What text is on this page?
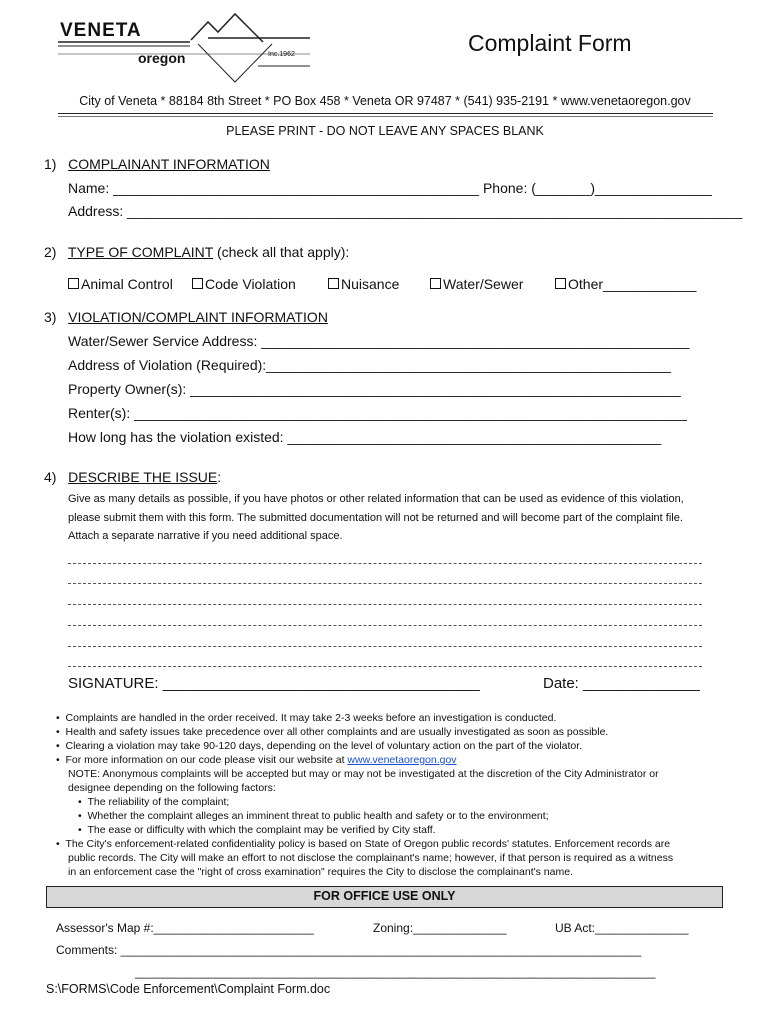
VENETA
oregon	Inc.1962	Complaint Form
City of Veneta * 88184 8th Street * PO Box 458 * Veneta OR 97487 * (541) 935-2191 * www.venetaoregon.gov
PLEASE PRINT - DO NOT LEAVE ANY SPACES BLANK
1) COMPLAINANT INFORMATION
Name: _______________________________________________ Phone: (_______)_______________
Address: _______________________________________________________________________________
2) TYPE OF COMPLAINT (check all that apply):
Animal Control	Code Violation	Nuisance	Water/Sewer	Other____________
3) VIOLATION/COMPLAINT INFORMATION
Water/Sewer Service Address: _______________________________________________________
Address of Violation (Required):____________________________________________________
Property Owner(s): _______________________________________________________________
Renter(s): _______________________________________________________________________
How long has the violation existed: ________________________________________________
4) DESCRIBE THE ISSUE:
Give as many details as possible, if you have photos or other related information that can be used as evidence of this violation,
please submit them with this form. The submitted documentation will not be returned and will become part of the complaint file.
Attach a separate narrative if you need additional space.
SIGNATURE: ______________________________________	Date: ______________
•  Complaints are handled in the order received. It may take 2-3 weeks before an investigation is conducted.
•  Health and safety issues take precedence over all other complaints and are usually investigated as soon as possible.
•  Clearing a violation may take 90-120 days, depending on the level of voluntary action on the part of the violator.
•  For more information on our code please visit our website at www.venetaoregon.gov
NOTE: Anonymous complaints will be accepted but may or may not be investigated at the discretion of the City Administrator or
designee depending on the following factors:
•  The reliability of the complaint;
•  Whether the complaint alleges an imminent threat to public health and safety or to the environment;
•  The ease or difficulty with which the complaint may be verified by City staff.
•  The City's enforcement-related confidentiality policy is based on State of Oregon public records' statutes. Enforcement records are
public records. The City will make an effort to not disclose the complainant's name; however, if that person is required as a witness
in an enforcement case the "right of cross examination" requires the City to disclose the complainant's name.
FOR OFFICE USE ONLY
Assessor's Map #:________________________	Zoning:______________	UB Act:______________
Comments: ______________________________________________________________________________
______________________________________________________________________________
S:\FORMS\Code Enforcement\Complaint Form.doc
